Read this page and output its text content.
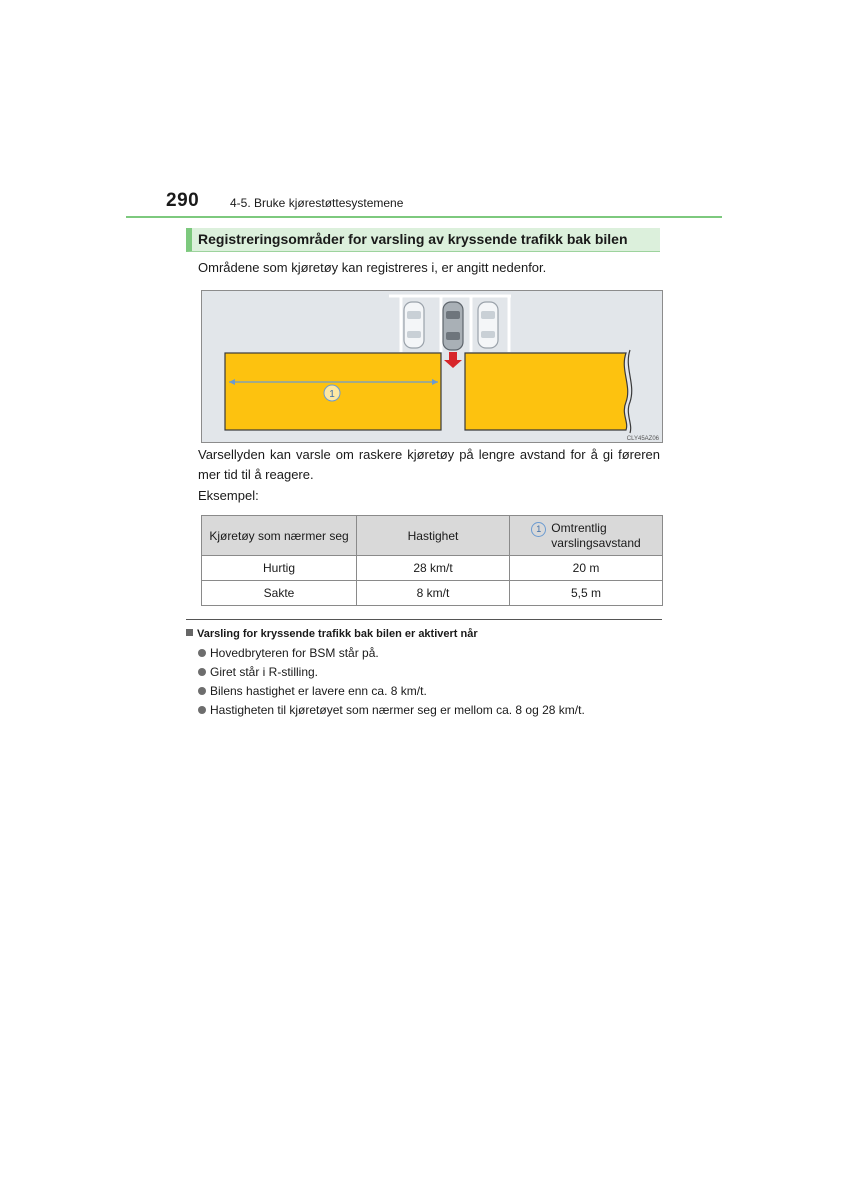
290	4-5. Bruke kjørestøttesystemene
Registreringsområder for varsling av kryssende trafikk bak bilen
Områdene som kjøretøy kan registreres i, er angitt nedenfor.
1
CLY45AZ06
Varsellyden kan varsle om raskere kjøretøy på lengre avstand for å gi føreren mer tid til å reagere.
Eksempel:
Kjøretøy som nærmer seg	Hastighet	1 Omtrentlig
varslingsavstand
Hurtig	28 km/t	20 m
Sakte	8 km/t	5,5 m
Varsling for kryssende trafikk bak bilen er aktivert når
Hovedbryteren for BSM står på.
Giret står i R-stilling.
Bilens hastighet er lavere enn ca. 8 km/t.
Hastigheten til kjøretøyet som nærmer seg er mellom ca. 8 og 28 km/t.
